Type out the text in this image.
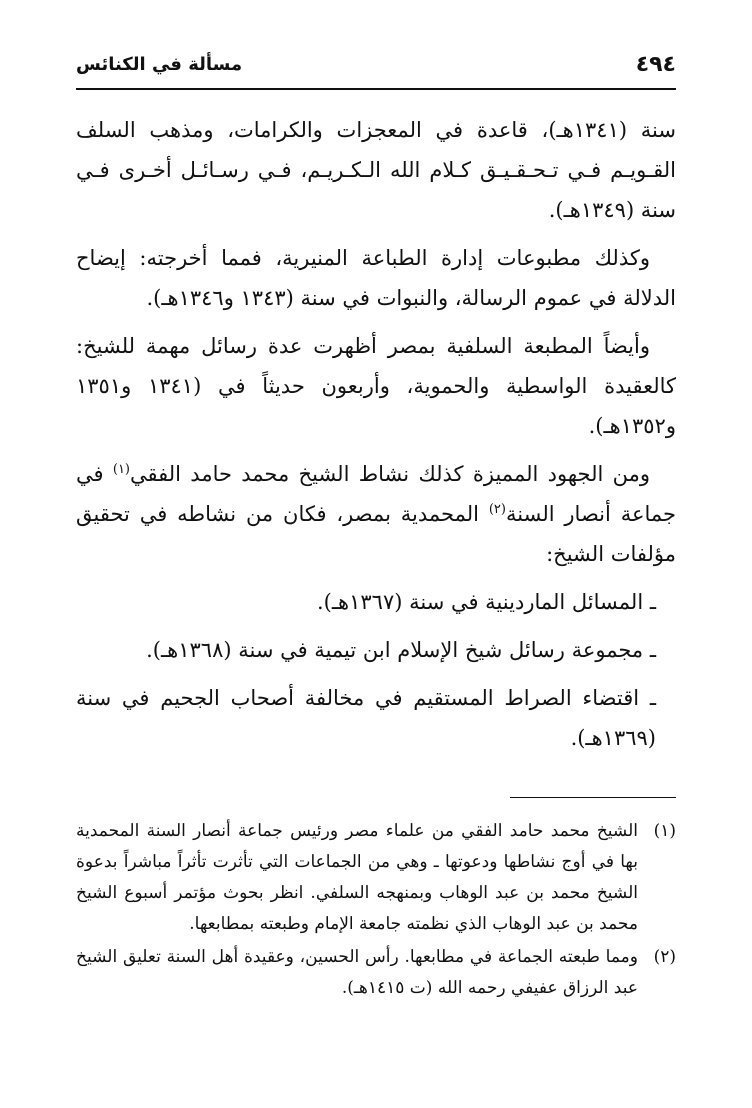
٤٩٤
مسألة في الكنائس

سنة (١٣٤١هـ)، قاعدة في المعجزات والكرامات، ومذهب السلف القـويـم فـي تـحـقـيـق كـلام الله الـكـريـم، فـي رسـائـل أخـرى فـي سنة (١٣٤٩هـ).

وكذلك مطبوعات إدارة الطباعة المنيرية، فمما أخرجته: إيضاح الدلالة في عموم الرسالة، والنبوات في سنة (١٣٤٣ و١٣٤٦هـ).

وأيضاً المطبعة السلفية بمصر أظهرت عدة رسائل مهمة للشيخ: كالعقيدة الواسطية والحموية، وأربعون حديثاً في (١٣٤١ و١٣٥١ و١٣٥٢هـ).

ومن الجهود المميزة كذلك نشاط الشيخ محمد حامد الفقي$^{(١)}$ في جماعة أنصار السنة$^{(٢)}$ المحمدية بمصر، فكان من نشاطه في تحقيق مؤلفات الشيخ:

ـ المسائل الماردينية في سنة (١٣٦٧هـ).

ـ مجموعة رسائل شيخ الإسلام ابن تيمية في سنة (١٣٦٨هـ).

ـ اقتضاء الصراط المستقيم في مخالفة أصحاب الجحيم في سنة (١٣٦٩هـ).

(١)
الشيخ محمد حامد الفقي من علماء مصر ورئيس جماعة أنصار السنة المحمدية بها في أوج نشاطها ودعوتها ـ وهي من الجماعات التي تأثرت تأثراً مباشراً بدعوة الشيخ محمد بن عبد الوهاب وبمنهجه السلفي. انظر بحوث مؤتمر أسبوع الشيخ محمد بن عبد الوهاب الذي نظمته جامعة الإمام وطبعته بمطابعها.
(٢)
ومما طبعته الجماعة في مطابعها. رأس الحسين، وعقيدة أهل السنة تعليق الشيخ عبد الرزاق عفيفي رحمه الله (ت ١٤١٥هـ).
